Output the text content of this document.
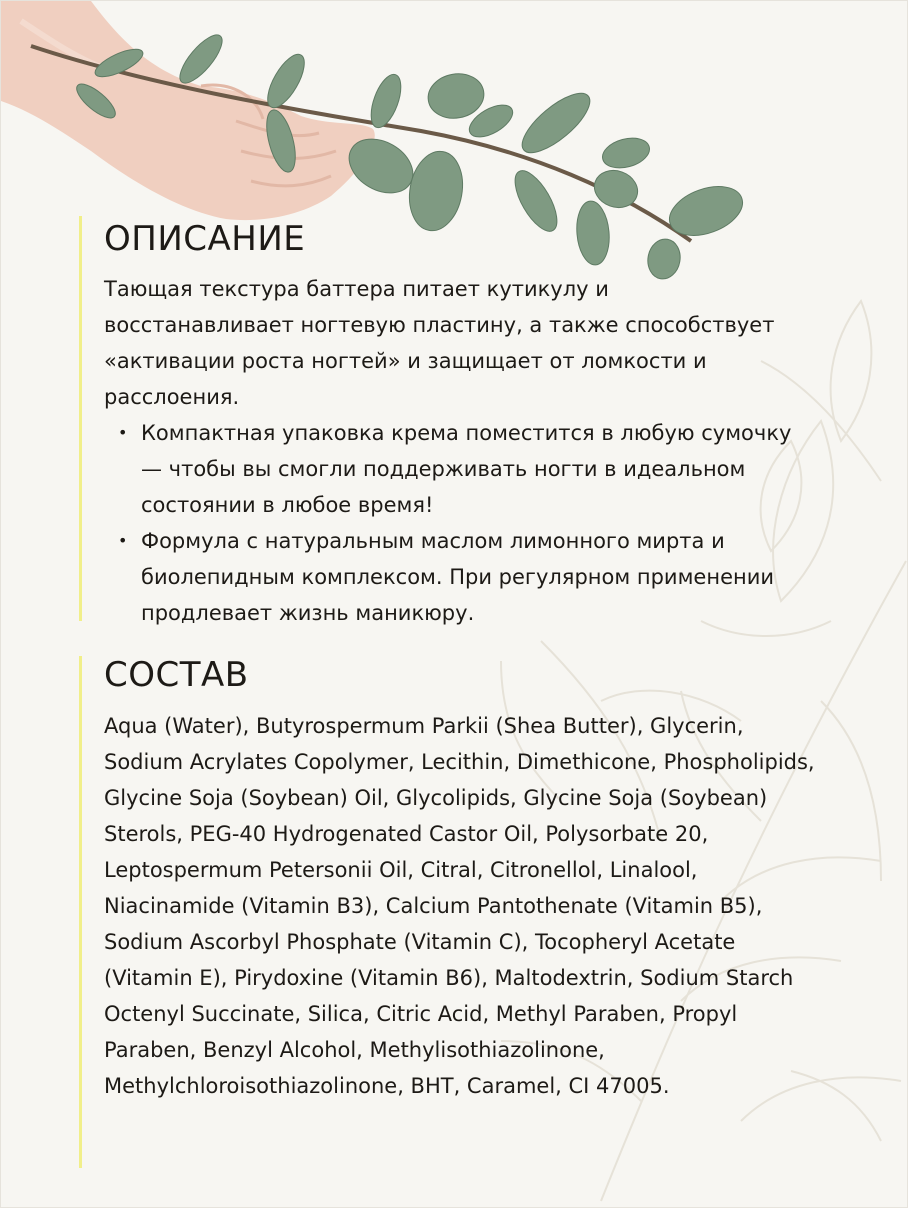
ОПИСАНИЕ

Тающая текстура баттера питает кутикулу и восстанавливает ногтевую пластину, а также способствует «активации роста ногтей» и защищает от ломкости и расслоения.

• Компактная упаковка крема поместится в любую сумочку — чтобы вы смогли поддерживать ногти в идеальном состоянии в любое время!
• Формула с натуральным маслом лимонного мирта и биолепидным комплексом. При регулярном применении продлевает жизнь маникюру.
СОСТАВ

Aqua (Water), Butyrospermum Parkii (Shea Butter), Glycerin, Sodium Acrylates Copolymer, Lecithin, Dimethicone, Phospholipids, Glycine Soja (Soybean) Oil, Glycolipids, Glycine Soja (Soybean) Sterols, PEG-40 Hydrogenated Castor Oil, Polysorbate 20, Leptospermum Petersonii Oil, Citral, Citronellol, Linalool, Niacinamide (Vitamin B3), Calcium Pantothenate (Vitamin B5), Sodium Ascorbyl Phosphate (Vitamin C), Tocopheryl Acetate (Vitamin E), Pirydoxine (Vitamin B6), Maltodextrin, Sodium Starch Octenyl Succinate, Silica, Citric Acid, Methyl Paraben, Propyl Paraben, Benzyl Alcohol, Methylisothiazolinone, Methylchloroisothiazolinone, BHT, Caramel, CI 47005.
